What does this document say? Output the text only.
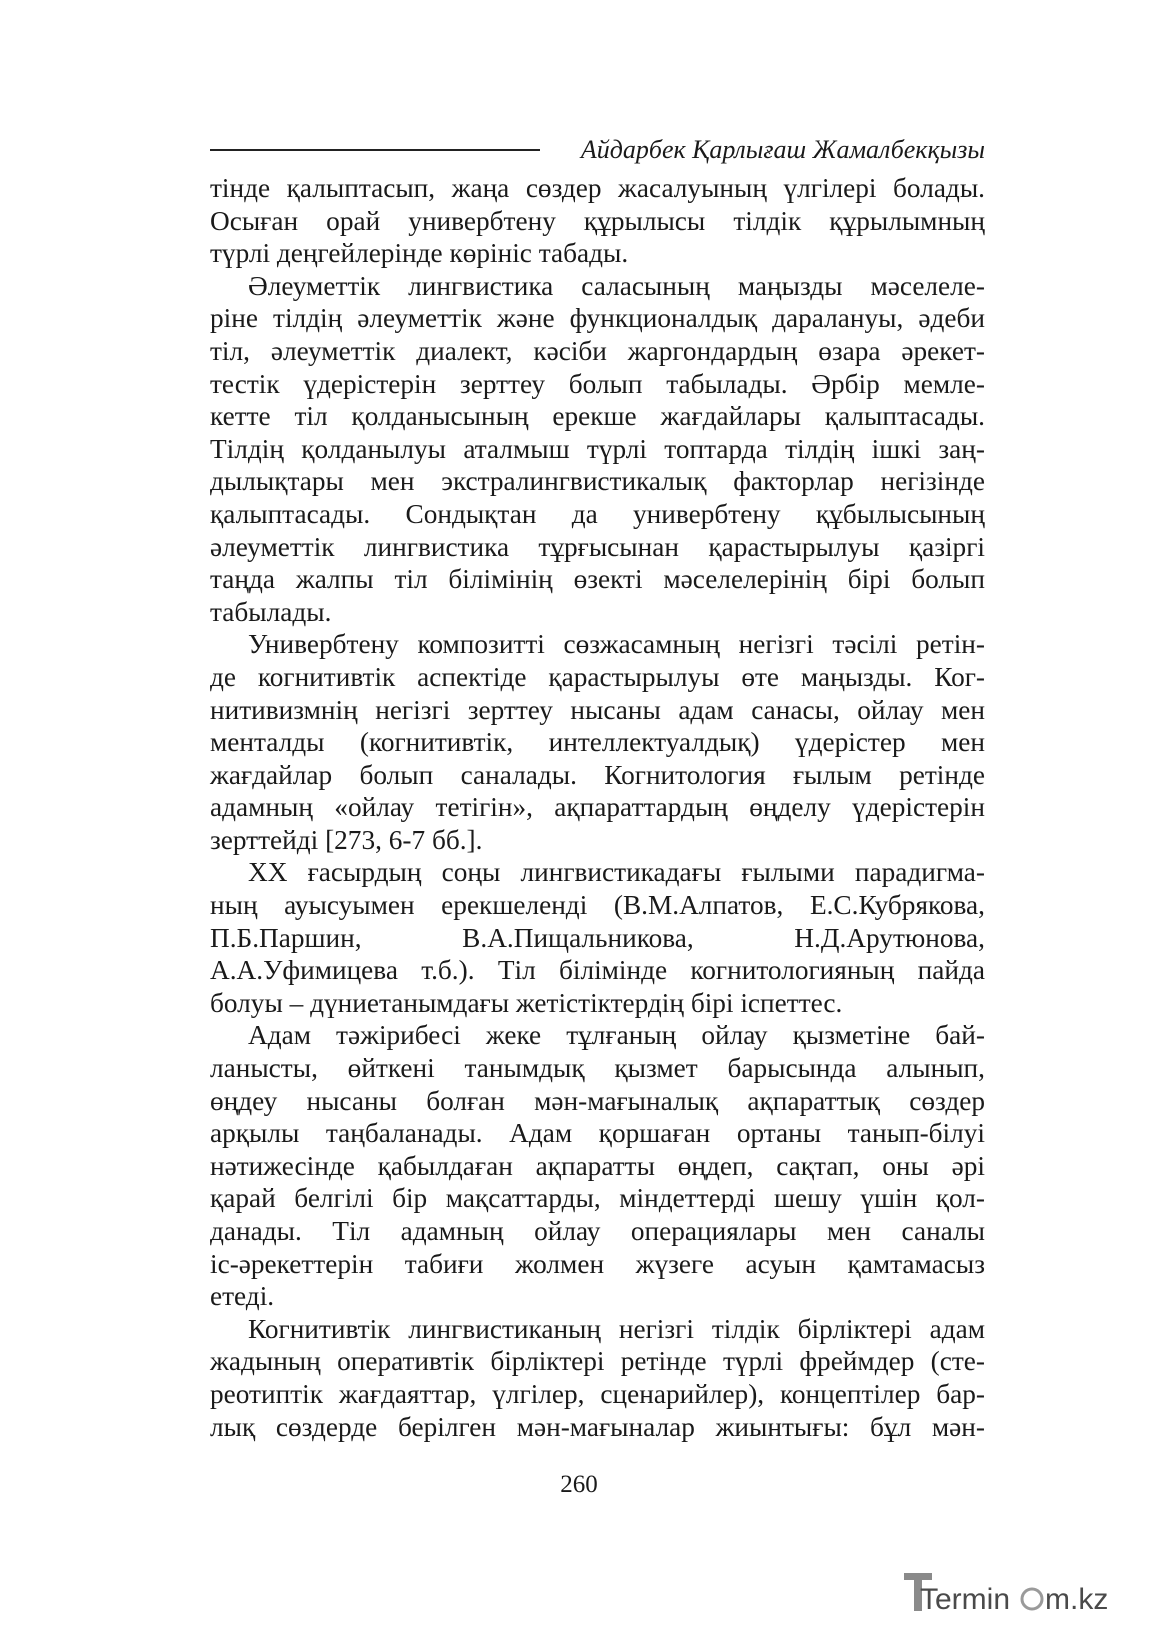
Айдарбек Қарлығаш Жамалбекқызы
тінде қалыптасып, жаңа сөздер жасалуының үлгілері болады.
Осыған орай универбтену құрылысы тілдік құрылымның
түрлі деңгейлерінде көрініс табады.
Әлеуметтік лингвистика саласының маңызды мәселеле-
ріне тілдің әлеуметтік және функционалдық даралануы, әдеби
тіл, әлеуметтік диалект, кәсіби жаргондардың өзара әрекет-
тестік үдерістерін зерттеу болып табылады. Әрбір мемле-
кетте тіл қолданысының ерекше жағдайлары қалыптасады.
Тілдің қолданылуы аталмыш түрлі топтарда тілдің ішкі заң-
дылықтары мен экстралингвистикалық факторлар негізінде
қалыптасады. Сондықтан да универбтену құбылысының
әлеуметтік лингвистика тұрғысынан қарастырылуы қазіргі
таңда жалпы тіл білімінің өзекті мәселелерінің бірі болып
табылады.
Универбтену композитті сөзжасамның негізгі тәсілі ретін-
де когнитивтік аспектіде қарастырылуы өте маңызды. Ког-
нитивизмнің негізгі зерттеу нысаны адам санасы, ойлау мен
менталды (когнитивтік, интеллектуалдық) үдерістер мен
жағдайлар болып саналады. Когнитология ғылым ретінде
адамның «ойлау тетігін», ақпараттардың өңделу үдерістерін
зерттейді [273, 6-7 бб.].
XX ғасырдың соңы лингвистикадағы ғылыми парадигма-
ның ауысуымен ерекшеленді (В.М.Алпатов, Е.С.Кубрякова,
П.Б.Паршин, В.А.Пищальникова, Н.Д.Арутюнова,
А.А.Уфимицева т.б.). Тіл білімінде когнитологияның пайда
болуы – дүниетанымдағы жетістіктердің бірі іспеттес.
Адам тәжірибесі жеке тұлғаның ойлау қызметіне бай-
ланысты, өйткені танымдық қызмет барысында алынып,
өңдеу нысаны болған мән-мағыналық ақпараттық сөздер
арқылы таңбаланады. Адам қоршаған ортаны танып-білуі
нәтижесінде қабылдаған ақпаратты өңдеп, сақтап, оны әрі
қарай белгілі бір мақсаттарды, міндеттерді шешу үшін қол-
данады. Тіл адамның ойлау операциялары мен саналы
іс-әрекеттерін табиғи жолмен жүзеге асуын қамтамасыз
етеді.
Когнитивтік лингвистиканың негізгі тілдік бірліктері адам
жадының оперативтік бірліктері ретінде түрлі фреймдер (сте-
реотиптік жағдаяттар, үлгілер, сценарийлер), концептілер бар-
лық сөздерде берілген мән-мағыналар жиынтығы: бұл мән-
260
Termin m.kz
